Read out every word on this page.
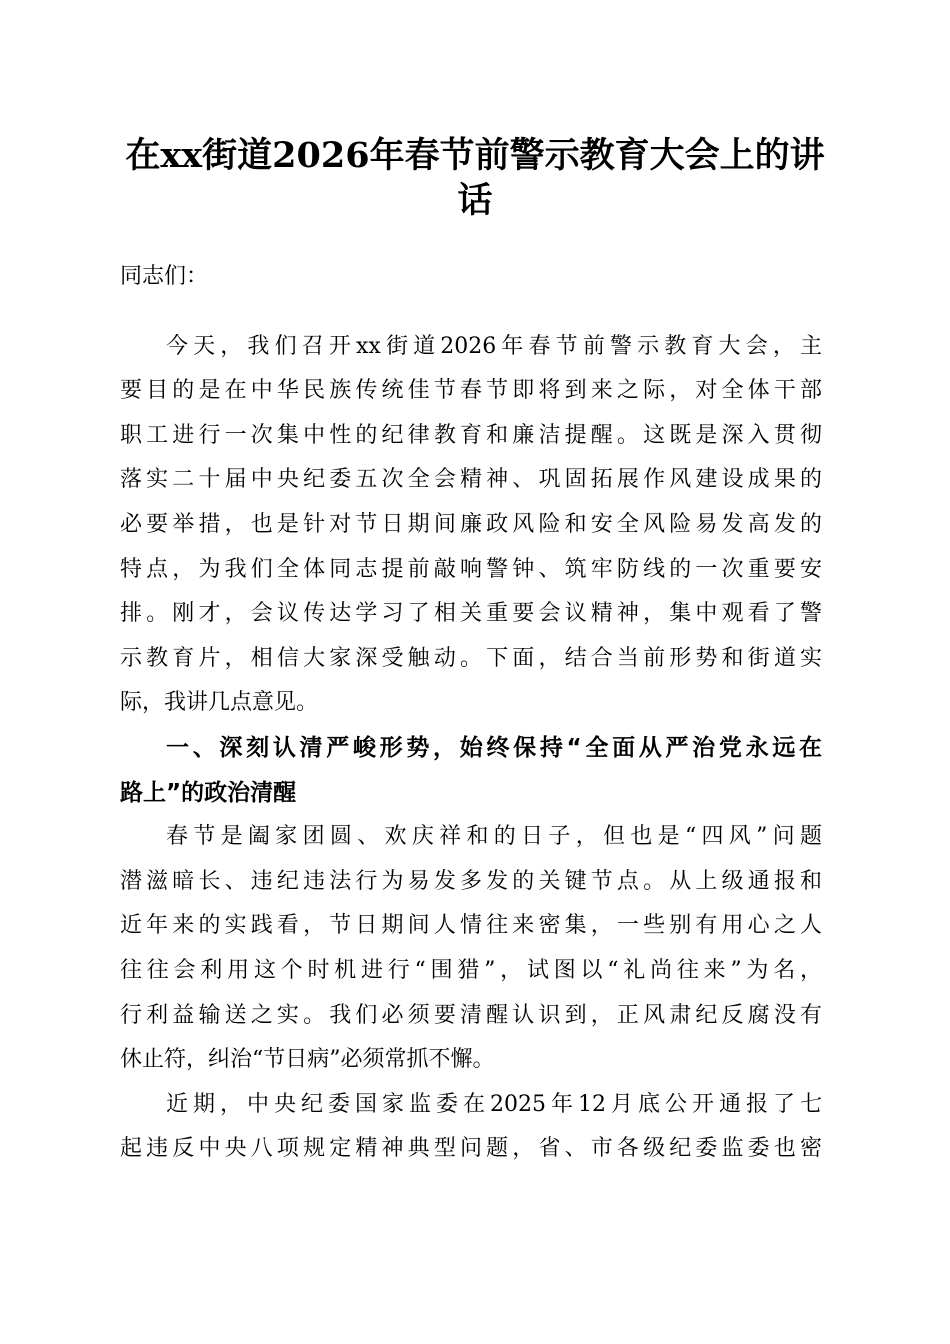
在xx街道2026年春节前警示教育大会上的讲
话
同志们：
今天，我们召开xx街道2026年春节前警示教育大会，主
要目的是在中华民族传统佳节春节即将到来之际，对全体干部
职工进行一次集中性的纪律教育和廉洁提醒。这既是深入贯彻
落实二十届中央纪委五次全会精神、巩固拓展作风建设成果的
必要举措，也是针对节日期间廉政风险和安全风险易发高发的
特点，为我们全体同志提前敲响警钟、筑牢防线的一次重要安
排。刚才，会议传达学习了相关重要会议精神，集中观看了警
示教育片，相信大家深受触动。下面，结合当前形势和街道实
际，我讲几点意见。
一、深刻认清严峻形势，始终保持“全面从严治党永远在
路上”的政治清醒
春节是阖家团圆、欢庆祥和的日子，但也是“四风”问题
潜滋暗长、违纪违法行为易发多发的关键节点。从上级通报和
近年来的实践看，节日期间人情往来密集，一些别有用心之人
往往会利用这个时机进行“围猎”，试图以“礼尚往来”为名，
行利益输送之实。我们必须要清醒认识到，正风肃纪反腐没有
休止符，纠治“节日病”必须常抓不懈。
近期，中央纪委国家监委在2025年12月底公开通报了七
起违反中央八项规定精神典型问题，省、市各级纪委监委也密
